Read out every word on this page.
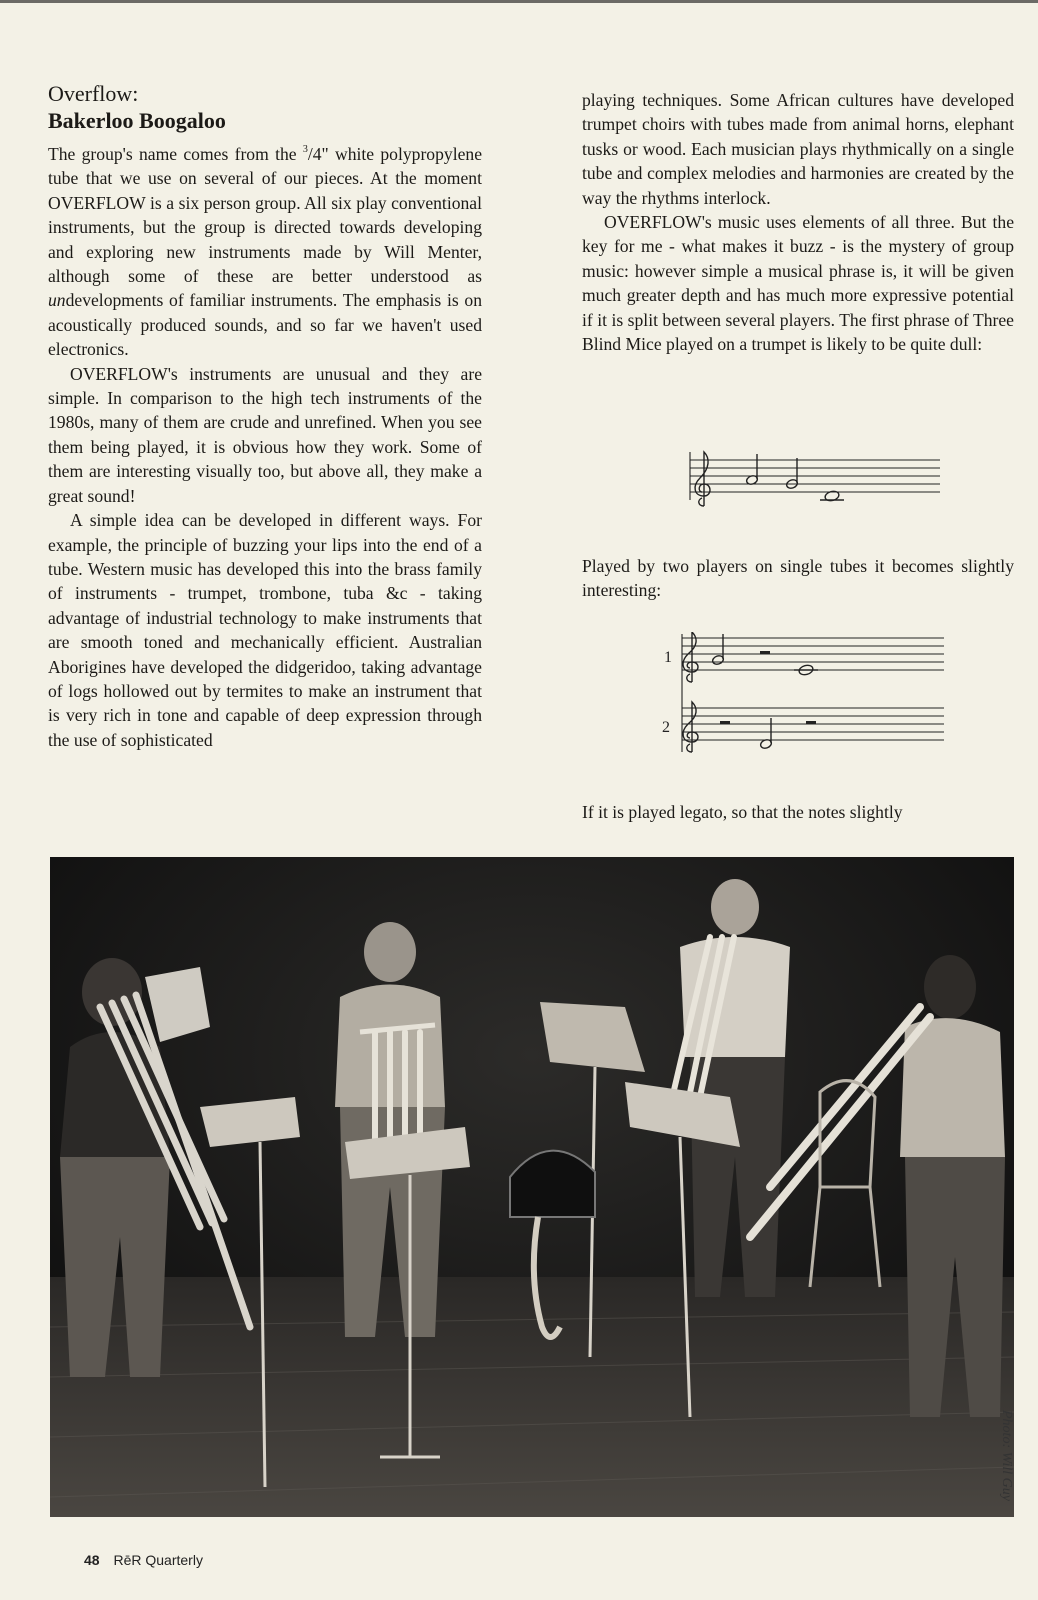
Overflow:
Bakerloo Boogaloo

The group's name comes from the $^3$/4" white polypropylene tube that we use on several of our pieces. At the moment OVERFLOW is a six person group. All six play conventional instruments, but the group is directed towards developing and exploring new instruments made by Will Menter, although some of these are better understood as undevelopments of familiar instruments. The emphasis is on acoustically produced sounds, and so far we haven't used electronics.

OVERFLOW's instruments are unusual and they are simple. In comparison to the high tech instruments of the 1980s, many of them are crude and unrefined. When you see them being played, it is obvious how they work. Some of them are interesting visually too, but above all, they make a great sound!

A simple idea can be developed in different ways. For example, the principle of buzzing your lips into the end of a tube. Western music has developed this into the brass family of instruments - trumpet, trombone, tuba &c - taking advantage of industrial technology to make instruments that are smooth toned and mechanically efficient. Australian Aborigines have developed the didgeridoo, taking advantage of logs hollowed out by termites to make an instrument that is very rich in tone and capable of deep expression through the use of sophisticated

playing techniques. Some African cultures have developed trumpet choirs with tubes made from animal horns, elephant tusks or wood. Each musician plays rhythmically on a single tube and complex melodies and harmonies are created by the way the rhythms interlock.

OVERFLOW's music uses elements of all three. But the key for me - what makes it buzz - is the mystery of group music: however simple a musical phrase is, it will be given much greater depth and has much more expressive potential if it is split between several players. The first phrase of Three Blind Mice played on a trumpet is likely to be quite dull:

Played by two players on single tubes it becomes slightly interesting:

1
2

If it is played legato, so that the notes slightly

Photo: Will Guy
48 RēR Quarterly
